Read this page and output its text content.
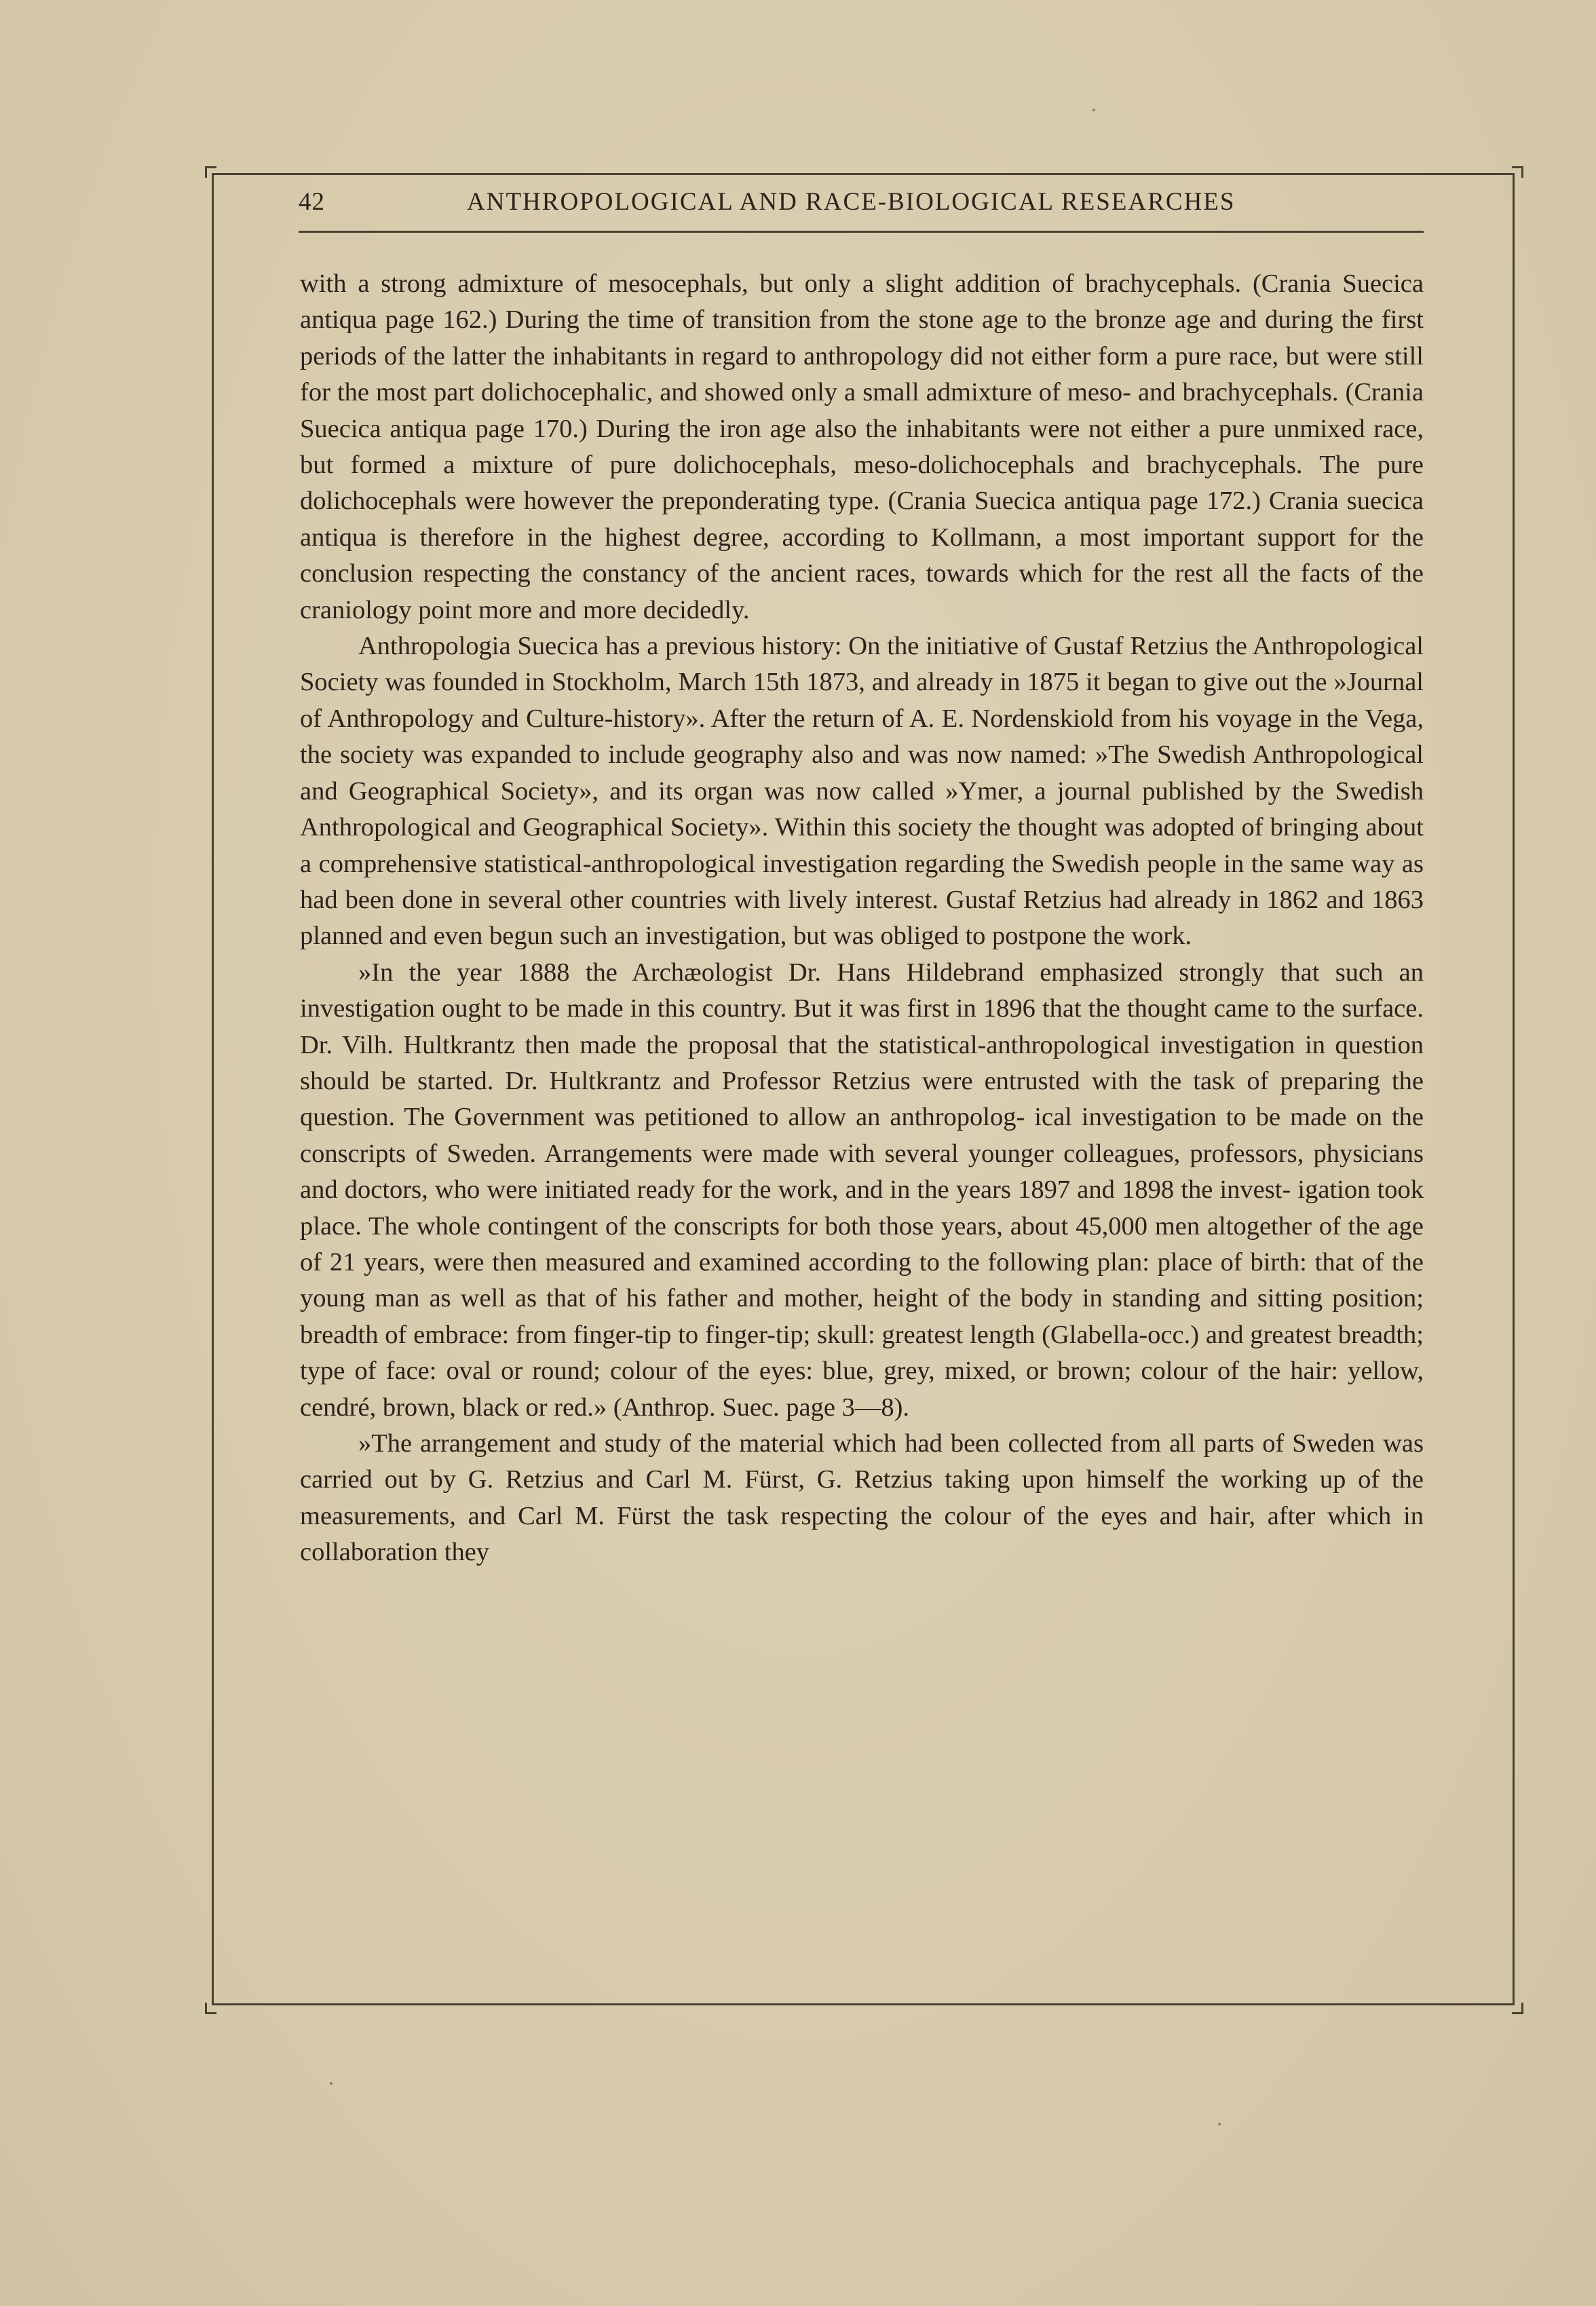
42	ANTHROPOLOGICAL AND RACE-BIOLOGICAL RESEARCHES

with a strong admixture of mesocephals, but only a slight addition of brachycephals. (Crania Suecica antiqua page 162.) During the time of transition from the stone age to the bronze age and during the first periods of the latter the inhabitants in regard to anthropology did not either form a pure race, but were still for the most part dolichocephalic, and showed only a small admixture of meso- and brachycephals. (Crania Suecica antiqua page 170.) During the iron age also the inhabitants were not either a pure unmixed race, but formed a mixture of pure dolichocephals, meso-dolichocephals and brachycephals. The pure dolichocephals were however the preponderating type. (Crania Suecica antiqua page 172.) Crania suecica antiqua is therefore in the highest degree, according to Kollmann, a most important support for the conclusion respecting the constancy of the ancient races, towards which for the rest all the facts of the craniology point more and more decidedly.

Anthropologia Suecica has a previous history: On the initiative of Gustaf Retzius the Anthropological Society was founded in Stockholm, March 15th 1873, and already in 1875 it began to give out the »Journal of Anthropology and Culture-history». After the return of A. E. Nordenskiold from his voyage in the Vega, the society was expanded to include geography also and was now named: »The Swedish Anthropological and Geographical Society», and its organ was now called »Ymer, a journal published by the Swedish Anthropological and Geographical Society». Within this society the thought was adopted of bringing about a comprehensive statistical-anthropological investigation regarding the Swedish people in the same way as had been done in several other countries with lively interest. Gustaf Retzius had already in 1862 and 1863 planned and even begun such an investigation, but was obliged to postpone the work.

»In the year 1888 the Archæologist Dr. Hans Hildebrand emphasized strongly that such an investigation ought to be made in this country. But it was first in 1896 that the thought came to the surface. Dr. Vilh. Hultkrantz then made the proposal that the statistical-anthropological investigation in question should be started. Dr. Hultkrantz and Professor Retzius were entrusted with the task of preparing the question. The Government was petitioned to allow an anthropolog- ical investigation to be made on the conscripts of Sweden. Arrangements were made with several younger colleagues, professors, physicians and doctors, who were initiated ready for the work, and in the years 1897 and 1898 the invest- igation took place. The whole contingent of the conscripts for both those years, about 45,000 men altogether of the age of 21 years, were then measured and examined according to the following plan: place of birth: that of the young man as well as that of his father and mother, height of the body in standing and sitting position; breadth of embrace: from finger-tip to finger-tip; skull: greatest length (Glabella-occ.) and greatest breadth; type of face: oval or round; colour of the eyes: blue, grey, mixed, or brown; colour of the hair: yellow, cendré, brown, black or red.» (Anthrop. Suec. page 3—8).

»The arrangement and study of the material which had been collected from all parts of Sweden was carried out by G. Retzius and Carl M. Fürst, G. Retzius taking upon himself the working up of the measurements, and Carl M. Fürst the task respecting the colour of the eyes and hair, after which in collaboration they
